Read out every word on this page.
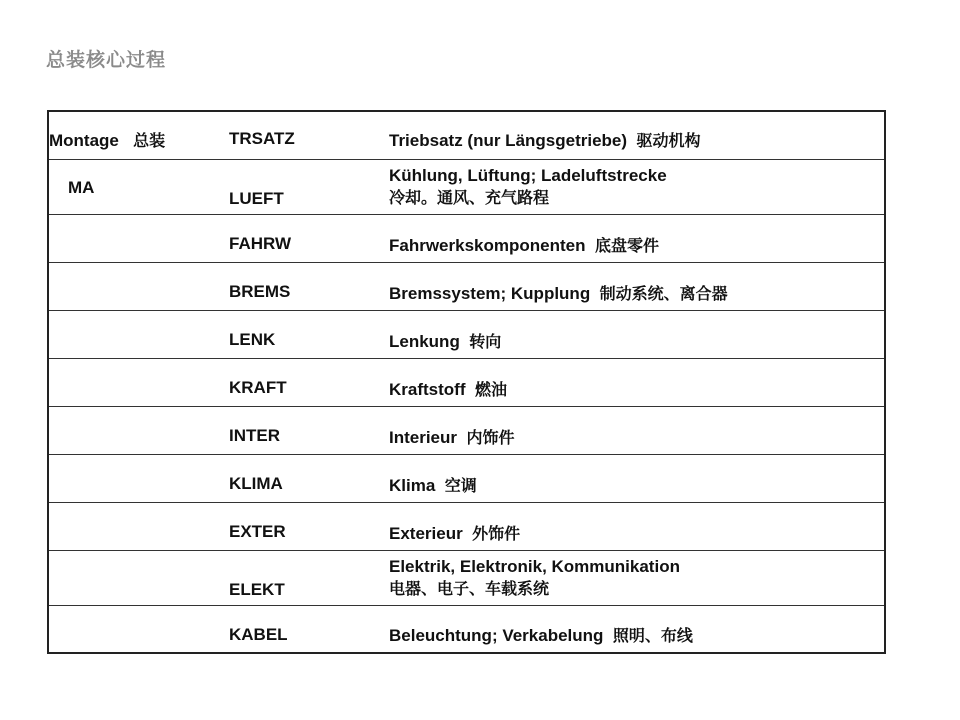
总装核心过程
Montage 总装	TRSATZ	Triebsatz (nur Längsgetriebe) 驱动机构
MA	LUEFT	Kühlung, Lüftung; Ladeluftstrecke
冷却。通风、充气路程

	FAHRW	Fahrwerkskomponenten 底盘零件
	BREMS	Bremssystem; Kupplung 制动系统、离合器
	LENK	Lenkung 转向
	KRAFT	Kraftstoff 燃油
	INTER	Interieur 内饰件
	KLIMA	Klima 空调
	EXTER	Exterieur 外饰件
	ELEKT	Elektrik, Elektronik, Kommunikation
电器、电子、车载系统

	KABEL	Beleuchtung; Verkabelung 照明、布线
